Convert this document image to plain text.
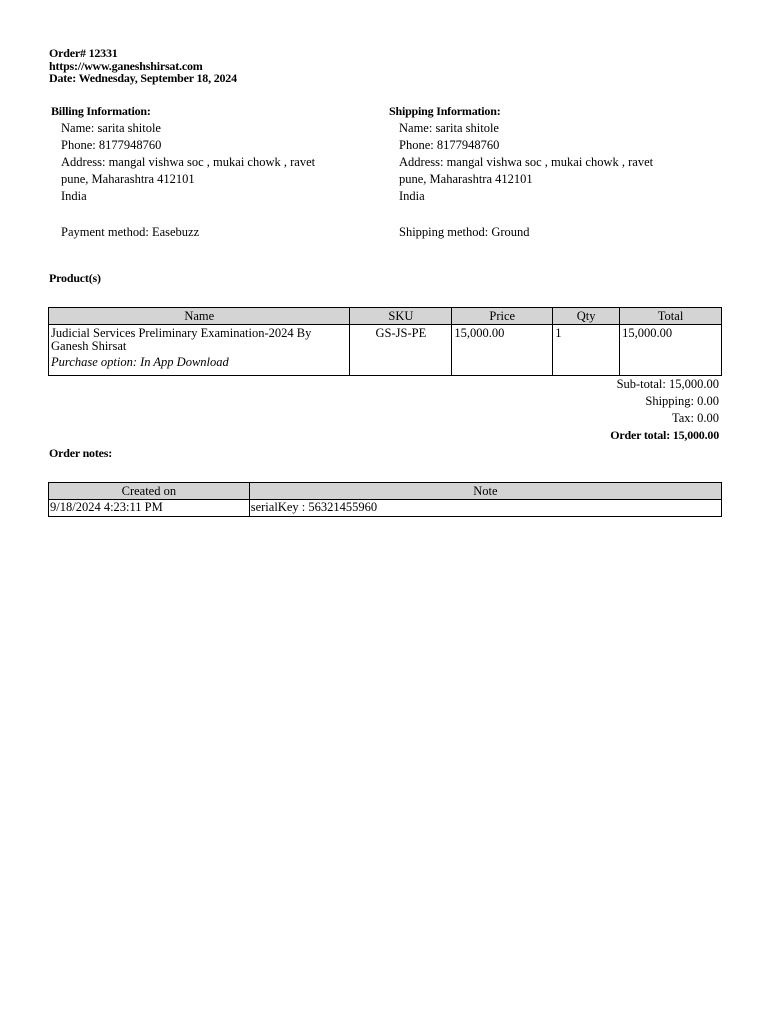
Order# 12331
https://www.ganeshshirsat.com
Date: Wednesday, September 18, 2024
Billing Information:
Name: sarita shitole
Phone: 8177948760
Address: mangal vishwa soc , mukai chowk , ravet
pune, Maharashtra 412101
India
Payment method: Easebuzz
Shipping Information:
Name: sarita shitole
Phone: 8177948760
Address: mangal vishwa soc , mukai chowk , ravet
pune, Maharashtra 412101
India
Shipping method: Ground
Product(s)
Name	SKU	Price	Qty	Total
Judicial Services Preliminary Examination-2024 By Ganesh Shirsat
Purchase option: In App Download	GS-JS-PE	15,000.00	1	15,000.00
Sub-total: 15,000.00
Shipping: 0.00
Tax: 0.00
Order total: 15,000.00
Order notes:
Created on	Note
9/18/2024 4:23:11 PM	serialKey : 56321455960
